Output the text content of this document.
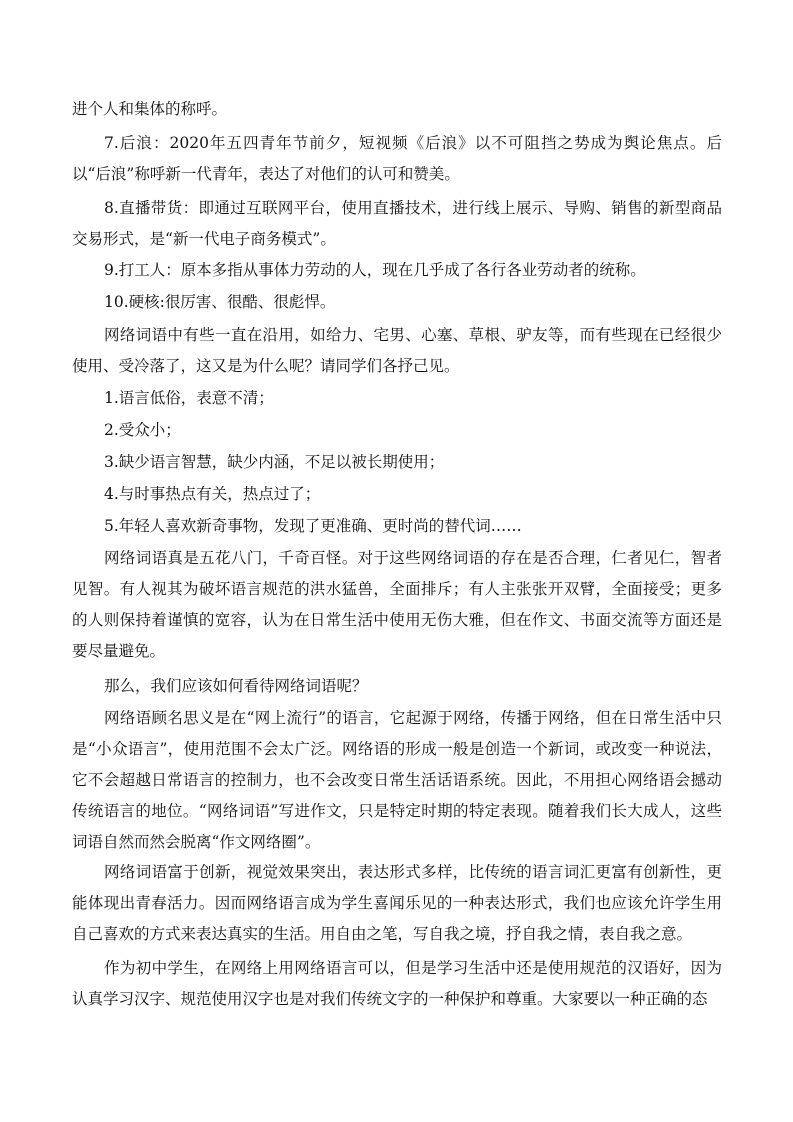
进个人和集体的称呼。

7.后浪：2020年五四青年节前夕，短视频《后浪》以不可阻挡之势成为舆论焦点。后以“后浪”称呼新一代青年，表达了对他们的认可和赞美。

8.直播带货：即通过互联网平台，使用直播技术，进行线上展示、导购、销售的新型商品交易形式，是“新一代电子商务模式”。

9.打工人：原本多指从事体力劳动的人，现在几乎成了各行各业劳动者的统称。

10.硬核:很厉害、很酷、很彪悍。

网络词语中有些一直在沿用，如给力、宅男、心塞、草根、驴友等，而有些现在已经很少使用、受冷落了，这又是为什么呢？请同学们各抒己见。

1.语言低俗，表意不清；

2.受众小；

3.缺少语言智慧，缺少内涵，不足以被长期使用；

4.与时事热点有关，热点过了；

5.年轻人喜欢新奇事物，发现了更准确、更时尚的替代词……

网络词语真是五花八门，千奇百怪。对于这些网络词语的存在是否合理，仁者见仁，智者见智。有人视其为破坏语言规范的洪水猛兽，全面排斥；有人主张张开双臂，全面接受；更多的人则保持着谨慎的宽容，认为在日常生活中使用无伤大雅，但在作文、书面交流等方面还是要尽量避免。

那么，我们应该如何看待网络词语呢？

网络语顾名思义是在“网上流行”的语言，它起源于网络，传播于网络，但在日常生活中只是“小众语言”，使用范围不会太广泛。网络语的形成一般是创造一个新词，或改变一种说法，它不会超越日常语言的控制力，也不会改变日常生活话语系统。因此，不用担心网络语会撼动传统语言的地位。“网络词语”写进作文，只是特定时期的特定表现。随着我们长大成人，这些词语自然而然会脱离“作文网络圈”。

网络词语富于创新，视觉效果突出，表达形式多样，比传统的语言词汇更富有创新性，更能体现出青春活力。因而网络语言成为学生喜闻乐见的一种表达形式，我们也应该允许学生用自己喜欢的方式来表达真实的生活。用自由之笔，写自我之境，抒自我之情，表自我之意。

作为初中学生，在网络上用网络语言可以，但是学习生活中还是使用规范的汉语好，因为认真学习汉字、规范使用汉字也是对我们传统文字的一种保护和尊重。大家要以一种正确的态
